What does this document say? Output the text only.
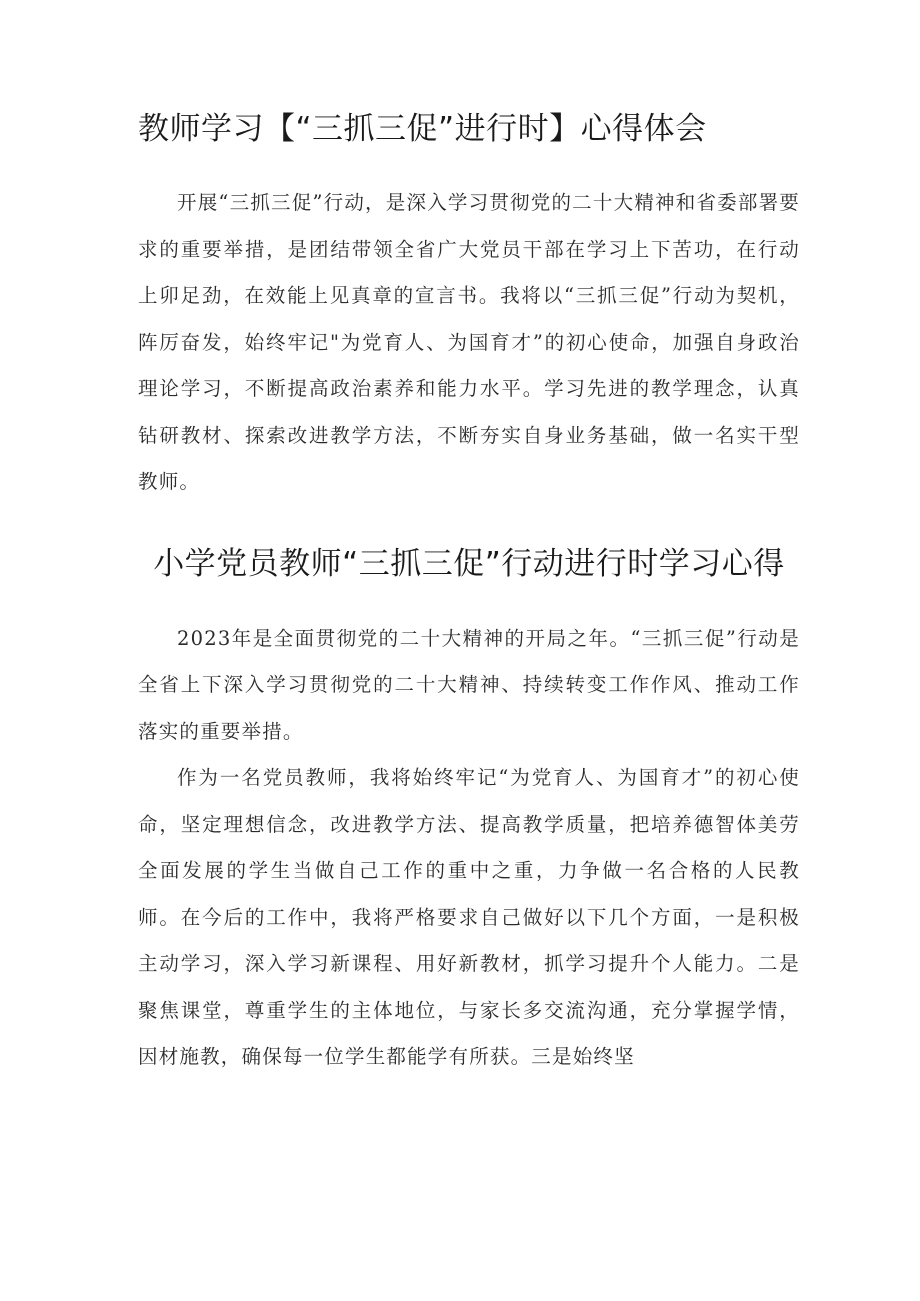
教师学习【“三抓三促”进行时】心得体会

开展“三抓三促”行动，是深入学习贯彻党的二十大精神和省委部署要求的重要举措，是团结带领全省广大党员干部在学习上下苦功，在行动上卯足劲，在效能上见真章的宣言书。我将以“三抓三促”行动为契机，阵厉奋发，始终牢记"为党育人、为国育才”的初心使命，加强自身政治理论学习，不断提高政治素养和能力水平。学习先进的教学理念，认真钻研教材、探索改进教学方法，不断夯实自身业务基础，做一名实干型教师。

小学党员教师“三抓三促”行动进行时学习心得

2023年是全面贯彻党的二十大精神的开局之年。“三抓三促”行动是全省上下深入学习贯彻党的二十大精神、持续转变工作作风、推动工作落实的重要举措。

作为一名党员教师，我将始终牢记“为党育人、为国育才”的初心使命，坚定理想信念，改进教学方法、提高教学质量，把培养德智体美劳全面发展的学生当做自己工作的重中之重，力争做一名合格的人民教师。在今后的工作中，我将严格要求自己做好以下几个方面，一是积极主动学习，深入学习新课程、用好新教材，抓学习提升个人能力。二是聚焦课堂，尊重学生的主体地位，与家长多交流沟通，充分掌握学情，因材施教，确保每一位学生都能学有所获。三是始终坚
